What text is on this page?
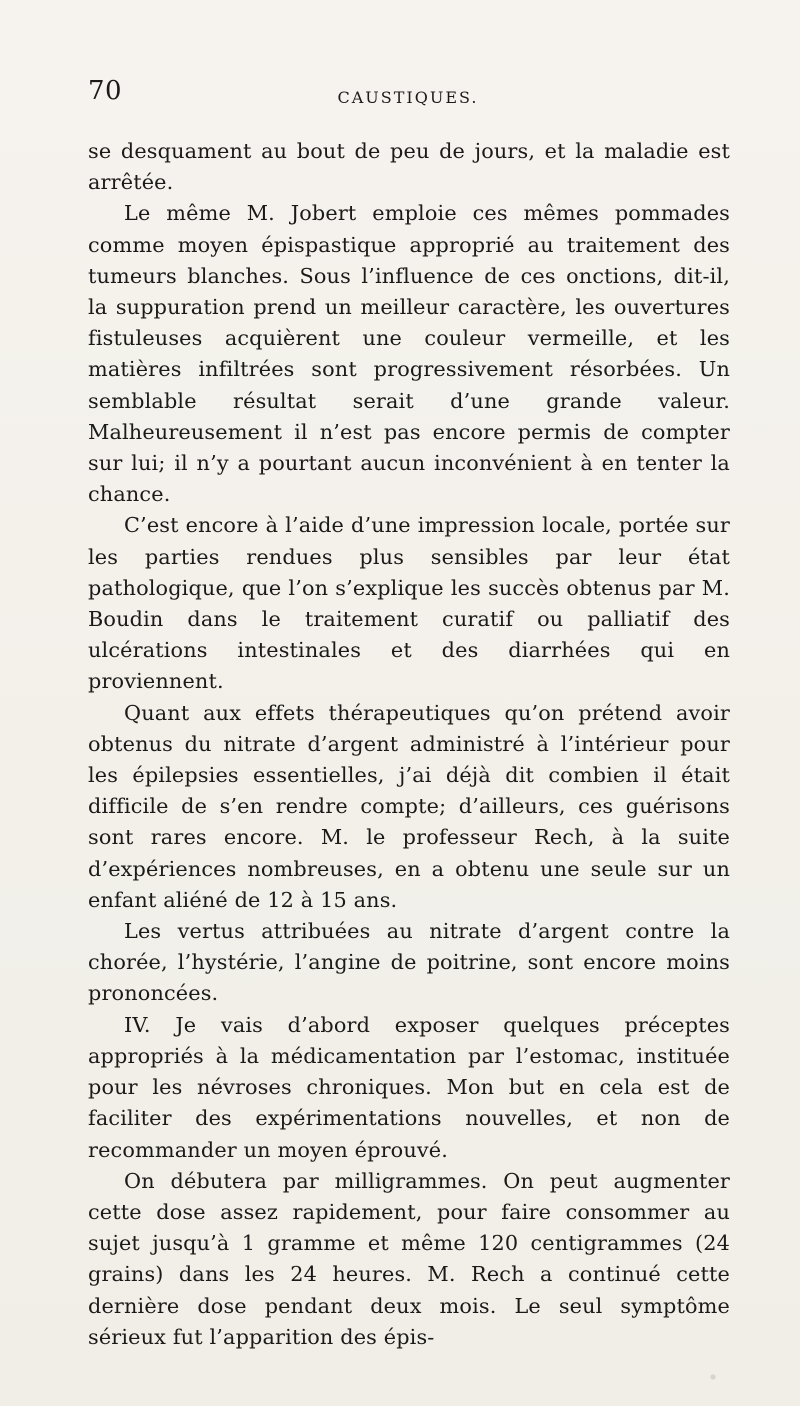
70	CAUSTIQUES.

se desquament au bout de peu de jours, et la maladie est arrêtée.

Le même M. Jobert emploie ces mêmes pommades comme moyen épispastique approprié au traitement des tumeurs blanches. Sous l’influence de ces onctions, dit-il, la suppuration prend un meilleur caractère, les ouvertures fistuleuses acquièrent une couleur vermeille, et les matières infiltrées sont progressivement résorbées. Un semblable résultat serait d’une grande valeur. Malheureusement il n’est pas encore permis de compter sur lui; il n’y a pourtant aucun inconvénient à en tenter la chance.

C’est encore à l’aide d’une impression locale, portée sur les parties rendues plus sensibles par leur état pathologique, que l’on s’explique les succès obtenus par M. Boudin dans le traitement curatif ou palliatif des ulcérations intestinales et des diarrhées qui en proviennent.

Quant aux effets thérapeutiques qu’on prétend avoir obtenus du nitrate d’argent administré à l’intérieur pour les épilepsies essentielles, j’ai déjà dit combien il était difficile de s’en rendre compte; d’ailleurs, ces guérisons sont rares encore. M. le professeur Rech, à la suite d’expériences nombreuses, en a obtenu une seule sur un enfant aliéné de 12 à 15 ans.

Les vertus attribuées au nitrate d’argent contre la chorée, l’hystérie, l’angine de poitrine, sont encore moins prononcées.

IV. Je vais d’abord exposer quelques préceptes appropriés à la médicamentation par l’estomac, instituée pour les névroses chroniques. Mon but en cela est de faciliter des expérimentations nouvelles, et non de recommander un moyen éprouvé.

On débutera par milligrammes. On peut augmenter cette dose assez rapidement, pour faire consommer au sujet jusqu’à 1 gramme et même 120 centigrammes (24 grains) dans les 24 heures. M. Rech a continué cette dernière dose pendant deux mois. Le seul symptôme sérieux fut l’apparition des épis-
